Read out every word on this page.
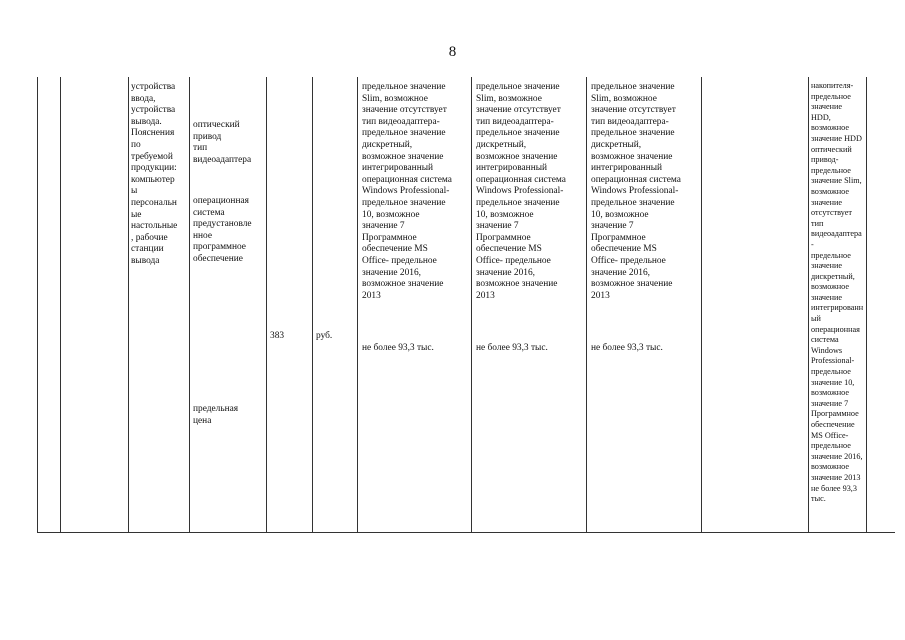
8
устройства
ввода,
устройства
вывода.
Пояснения
по
требуемой
продукции:
компьютер
ы
персональн
ые
настольные
, рабочие
станции
вывода
оптический
привод
тип
видеоадаптера
операционная
система
предустановле
нное
программное
обеспечение
предельная
цена
383	руб.
предельное значение
Slim, возможное
значение отсутствует
тип видеоадаптера-
предельное значение
дискретный,
возможное значение
интегрированный
операционная система
Windows Professional-
предельное значение
10, возможное
значение 7
Программное
обеспечение MS
Office- предельное
значение 2016,
возможное значение
2013
не более 93,3 тыс.
предельное значение
Slim, возможное
значение отсутствует
тип видеоадаптера-
предельное значение
дискретный,
возможное значение
интегрированный
операционная система
Windows Professional-
предельное значение
10, возможное
значение 7
Программное
обеспечение MS
Office- предельное
значение 2016,
возможное значение
2013
не более 93,3 тыс.
предельное значение
Slim, возможное
значение отсутствует
тип видеоадаптера-
предельное значение
дискретный,
возможное значение
интегрированный
операционная система
Windows Professional-
предельное значение
10, возможное
значение 7
Программное
обеспечение MS
Office- предельное
значение 2016,
возможное значение
2013
не более 93,3 тыс.
накопителя-
предельное
значение
HDD,
возможное
значение HDD
оптический
привод-
предельное
значение Slim,
возможное
значение
отсутствует
тип
видеоадаптера
-
предельное
значение
дискретный,
возможное
значение
интегрированн
ый
операционная
система
Windows
Professional-
предельное
значение 10,
возможное
значение 7
Программное
обеспечение
MS Office-
предельное
значение 2016,
возможное
значение 2013
не более 93,3
тыс.
